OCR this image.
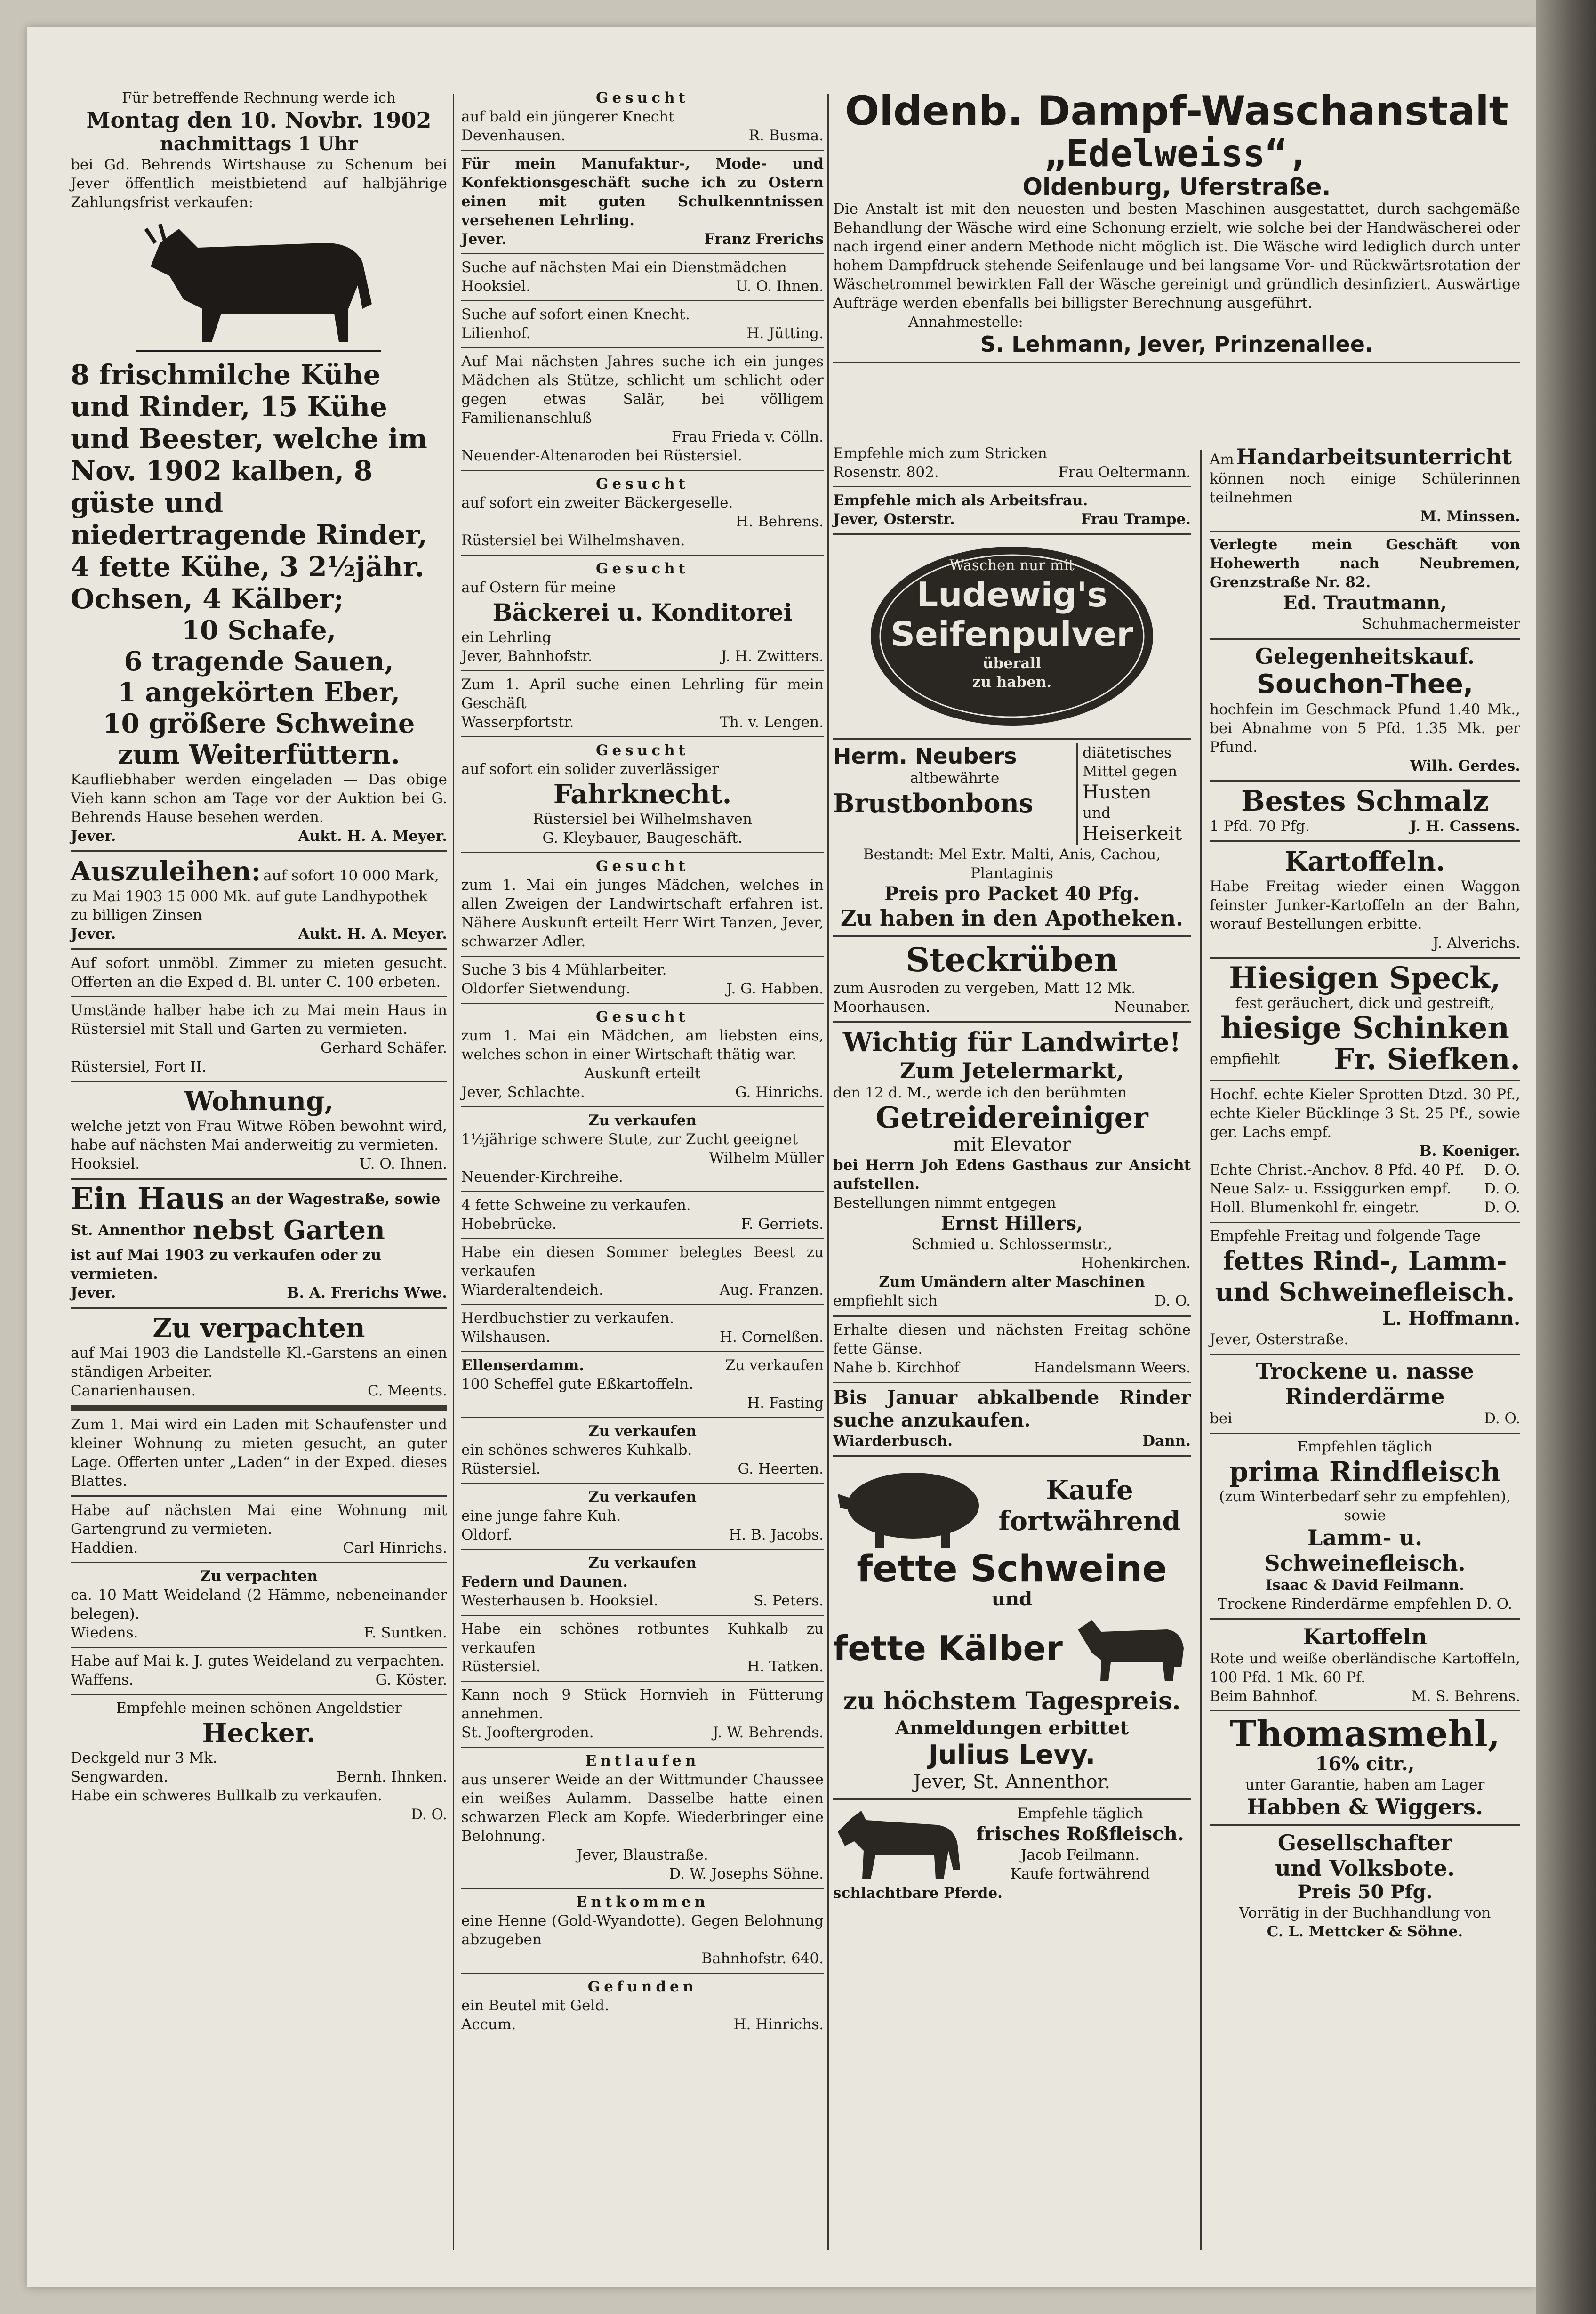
Für betreffende Rechnung werde ich

Montag den 10. Novbr. 1902

nachmittags 1 Uhr

bei Gd. Behrends Wirtshause zu Schenum bei Jever öffentlich meistbietend auf halbjährige Zahlungsfrist verkaufen:

8 frischmilche Kühe und Rinder, 15 Kühe und Beester, welche im Nov. 1902 kalben, 8 güste und niedertragende Rinder, 4 fette Kühe, 3 2½jähr. Ochsen, 4 Kälber;

10 Schafe,

6 tragende Sauen,

1 angekörten Eber,

10 größere Schweine

zum Weiterfüttern.

Kaufliebhaber werden eingeladen — Das obige Vieh kann schon am Tage vor der Auktion bei G. Behrends Hause besehen werden.

Jever.	Aukt. H. A. Meyer.

Auszuleihen: auf sofort 10 000 Mark, zu Mai 1903 15 000 Mk. auf gute Landhypothek zu billigen Zinsen

Jever.	Aukt. H. A. Meyer.

Auf sofort unmöbl. Zimmer zu mieten gesucht. Offerten an die Exped d. Bl. unter C. 100 erbeten.

Umstände halber habe ich zu Mai mein Haus in Rüstersiel mit Stall und Garten zu vermieten.

Gerhard Schäfer.

Rüstersiel, Fort II.

Wohnung,

welche jetzt von Frau Witwe Röben bewohnt wird, habe auf nächsten Mai anderweitig zu vermieten.

Hooksiel.	U. O. Ihnen.
Ein Haus an der Wagestraße, sowie
St. Annenthor nebst Garten

ist auf Mai 1903 zu verkaufen oder zu vermieten.

Jever.	B. A. Frerichs Wwe.

Zu verpachten

auf Mai 1903 die Landstelle Kl.-Garstens an einen ständigen Arbeiter.

Canarienhausen.	C. Meents.

Zum 1. Mai wird ein Laden mit Schaufenster und kleiner Wohnung zu mieten gesucht, an guter Lage. Offerten unter „Laden“ in der Exped. dieses Blattes.

Habe auf nächsten Mai eine Wohnung mit Gartengrund zu vermieten.

Haddien.	Carl Hinrichs.

Zu verpachten

ca. 10 Matt Weideland (2 Hämme, nebeneinander belegen).

Wiedens.	F. Suntken.

Habe auf Mai k. J. gutes Weideland zu verpachten.

Waffens.	G. Köster.

Empfehle meinen schönen Angeldstier

Hecker.

Deckgeld nur 3 Mk.

Sengwarden.	Bernh. Ihnken.

Habe ein schweres Bullkalb zu verkaufen.

D. O.

Gesucht

auf bald ein jüngerer Knecht

Devenhausen.	R. Busma.

Für mein Manufaktur-, Mode- und Konfektionsgeschäft suche ich zu Ostern einen mit guten Schulkenntnissen versehenen Lehrling.

Jever.	Franz Frerichs

Suche auf nächsten Mai ein Dienstmädchen

Hooksiel.	U. O. Ihnen.

Suche auf sofort einen Knecht.

Lilienhof.	H. Jütting.

Auf Mai nächsten Jahres suche ich ein junges Mädchen als Stütze, schlicht um schlicht oder gegen etwas Salär, bei völligem Familienanschluß

Frau Frieda v. Cölln.

Neuender-Altenaroden bei Rüstersiel.

Gesucht

auf sofort ein zweiter Bäckergeselle.

H. Behrens.

Rüstersiel bei Wilhelmshaven.

Gesucht

auf Ostern für meine

Bäckerei u. Konditorei

ein Lehrling

Jever, Bahnhofstr.	J. H. Zwitters.

Zum 1. April suche einen Lehrling für mein Geschäft

Wasserpfortstr.	Th. v. Lengen.

Gesucht

auf sofort ein solider zuverlässiger

Fahrknecht.

Rüstersiel bei Wilhelmshaven

G. Kleybauer, Baugeschäft.

Gesucht

zum 1. Mai ein junges Mädchen, welches in allen Zweigen der Landwirtschaft erfahren ist. Nähere Auskunft erteilt Herr Wirt Tanzen, Jever, schwarzer Adler.

Suche 3 bis 4 Mühlarbeiter.

Oldorfer Sietwendung.	J. G. Habben.

Gesucht

zum 1. Mai ein Mädchen, am liebsten eins, welches schon in einer Wirtschaft thätig war.

Auskunft erteilt

Jever, Schlachte.	G. Hinrichs.

Zu verkaufen

1½jährige schwere Stute, zur Zucht geeignet

Wilhelm Müller

Neuender-Kirchreihe.

4 fette Schweine zu verkaufen.

Hobebrücke.	F. Gerriets.

Habe ein diesen Sommer belegtes Beest zu verkaufen

Wiarderaltendeich.	Aug. Franzen.

Herdbuchstier zu verkaufen.

Wilshausen.	H. Cornelßen.
Ellenserdamm.	Zu verkaufen

100 Scheffel gute Eßkartoffeln.

H. Fasting

Zu verkaufen

ein schönes schweres Kuhkalb.

Rüstersiel.	G. Heerten.

Zu verkaufen

eine junge fahre Kuh.

Oldorf.	H. B. Jacobs.

Zu verkaufen

Federn und Daunen.

Westerhausen b. Hooksiel.	S. Peters.

Habe ein schönes rotbuntes Kuhkalb zu verkaufen

Rüstersiel.	H. Tatken.

Kann noch 9 Stück Hornvieh in Fütterung annehmen.

St. Jooftergroden.	J. W. Behrends.

Entlaufen

aus unserer Weide an der Wittmunder Chaussee ein weißes Aulamm. Dasselbe hatte einen schwarzen Fleck am Kopfe. Wiederbringer eine Belohnung.

Jever, Blaustraße.

D. W. Josephs Söhne.

Entkommen

eine Henne (Gold-Wyandotte). Gegen Belohnung abzugeben

Bahnhofstr. 640.

Gefunden

ein Beutel mit Geld.

Accum.	H. Hinrichs.

Oldenb. Dampf-Waschanstalt

„Edelweiss“,

Oldenburg, Uferstraße.

Die Anstalt ist mit den neuesten und besten Maschinen ausgestattet, durch sachgemäße Behandlung der Wäsche wird eine Schonung erzielt, wie solche bei der Handwäscherei oder nach irgend einer andern Methode nicht möglich ist. Die Wäsche wird lediglich durch unter hohem Dampfdruck stehende Seifenlauge und bei langsame Vor- und Rückwärtsrotation der Wäschetrommel bewirkten Fall der Wäsche gereinigt und gründlich desinfiziert. Auswärtige Aufträge werden ebenfalls bei billigster Berechnung ausgeführt.

Annahmestelle:

S. Lehmann, Jever, Prinzenallee.

Empfehle mich zum Stricken

Rosenstr. 802.	Frau Oeltermann.

Empfehle mich als Arbeitsfrau.

Jever, Osterstr.	Frau Trampe.

Waschen nur mit

Ludewig's

Seifenpulver

überall

zu haben.

Herm. Neubers

altbewährte

Brustbonbons

diätetisches Mittel gegen

Husten

und

Heiserkeit

Bestandt: Mel Extr. Malti, Anis, Cachou, Plantaginis

Preis pro Packet 40 Pfg.

Zu haben in den Apotheken.

Steckrüben

zum Ausroden zu vergeben, Matt 12 Mk.

Moorhausen.	Neunaber.

Wichtig für Landwirte!

Zum Jetelermarkt,

den 12 d. M., werde ich den berühmten

Getreidereiniger

mit Elevator

bei Herrn Joh Edens Gasthaus zur Ansicht aufstellen.

Bestellungen nimmt entgegen

Ernst Hillers,

Schmied u. Schlossermstr.,

Hohenkirchen.

Zum Umändern alter Maschinen

empfiehlt sich	D. O.

Erhalte diesen und nächsten Freitag schöne fette Gänse.

Nahe b. Kirchhof	Handelsmann Weers.

Bis Januar abkalbende Rinder suche anzukaufen.

Wiarderbusch.	Dann.

Kaufe

fortwährend

fette Schweine

und

fette Kälber

zu höchstem Tagespreis.

Anmeldungen erbittet

Julius Levy.

Jever, St. Annenthor.

Empfehle täglich

frisches Roßfleisch.

Jacob Feilmann.

Kaufe fortwährend

schlachtbare Pferde.

Am Handarbeitsunterricht

können noch einige Schülerinnen teilnehmen

M. Minssen.

Verlegte mein Geschäft von Hohewerth nach Neubremen, Grenzstraße Nr. 82.

Ed. Trautmann,

Schuhmachermeister

Gelegenheitskauf.

Souchon-Thee,

hochfein im Geschmack Pfund 1.40 Mk., bei Abnahme von 5 Pfd. 1.35 Mk. per Pfund.

Wilh. Gerdes.

Bestes Schmalz

1 Pfd. 70 Pfg.	J. H. Cassens.

Kartoffeln.

Habe Freitag wieder einen Waggon feinster Junker-Kartoffeln an der Bahn, worauf Bestellungen erbitte.

J. Alverichs.

Hiesigen Speck,

fest geräuchert, dick und gestreift,

hiesige Schinken

empfiehlt Fr. Siefken.

Hochf. echte Kieler Sprotten Dtzd. 30 Pf., echte Kieler Bücklinge 3 St. 25 Pf., sowie ger. Lachs empf.

B. Koeniger.

Echte Christ.-Anchov. 8 Pfd. 40 Pf. D. O.
Neue Salz- u. Essiggurken empf. D. O.
Holl. Blumenkohl fr. eingetr.	D. O.

Empfehle Freitag und folgende Tage

fettes Rind-, Lamm- und Schweinefleisch.

L. Hoffmann.

Jever, Osterstraße.

Trockene u. nasse Rinderdärme

bei	D. O.

Empfehlen täglich

prima Rindfleisch

(zum Winterbedarf sehr zu empfehlen),

sowie

Lamm- u. Schweinefleisch.

Isaac & David Feilmann.

Trockene Rinderdärme empfehlen D. O.

Kartoffeln

Rote und weiße oberländische Kartoffeln, 100 Pfd. 1 Mk. 60 Pf.

Beim Bahnhof.	M. S. Behrens.

Thomasmehl,

16% citr.,

unter Garantie, haben am Lager

Habben & Wiggers.

Gesellschafter

und Volksbote.

Preis 50 Pfg.

Vorrätig in der Buchhandlung von

C. L. Mettcker & Söhne.
